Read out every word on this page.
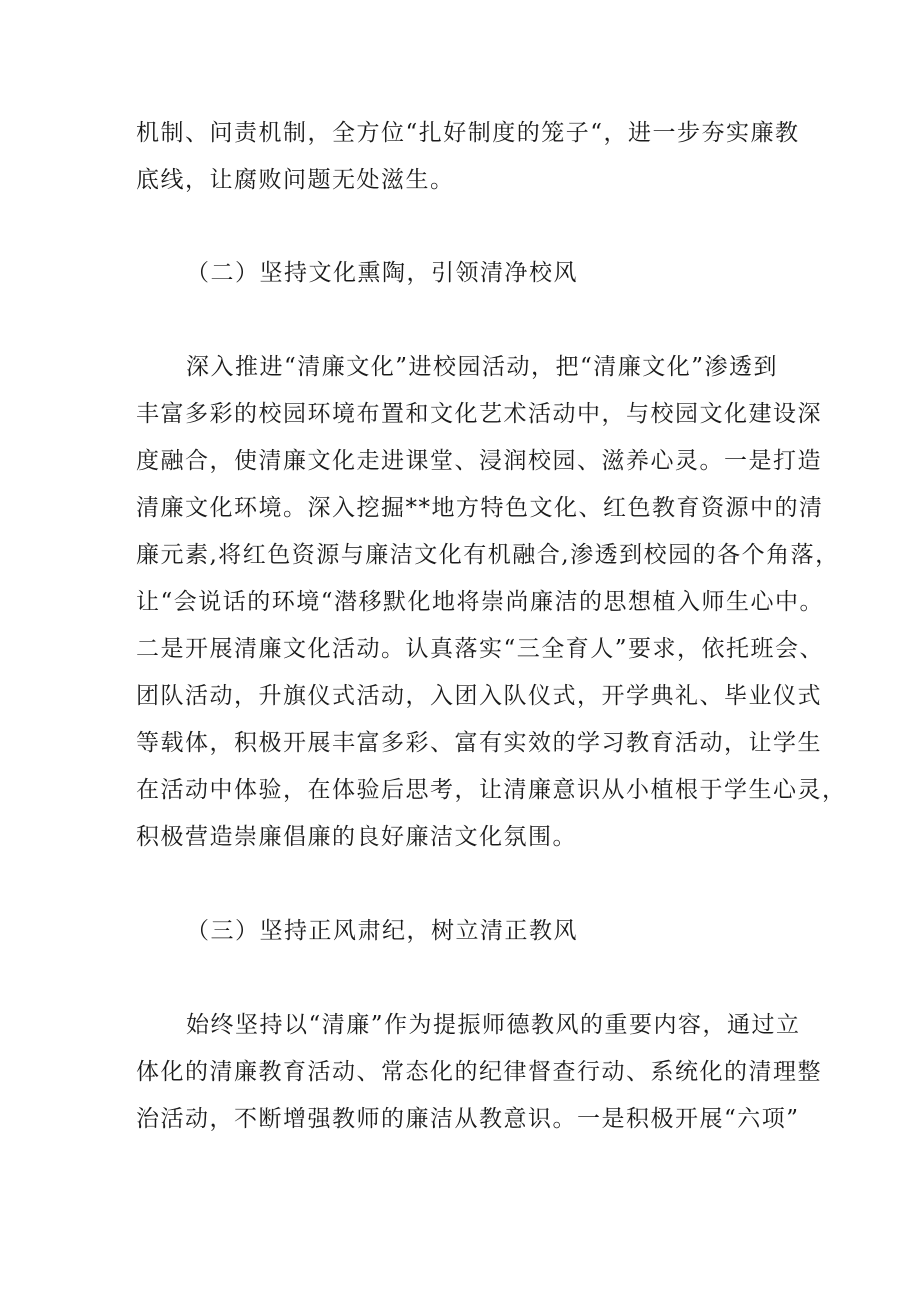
机制、问责机制，全方位“扎好制度的笼子“，进一步夯实廉教
底线，让腐败问题无处滋生。
（二）坚持文化熏陶，引领清净校风
深入推进“清廉文化”进校园活动，把“清廉文化”渗透到
丰富多彩的校园环境布置和文化艺术活动中，与校园文化建设深
度融合，使清廉文化走进课堂、浸润校园、滋养心灵。一是打造
清廉文化环境。深入挖掘**地方特色文化、红色教育资源中的清
廉元素,将红色资源与廉洁文化有机融合,渗透到校园的各个角落，
让“会说话的环境“潜移默化地将崇尚廉洁的思想植入师生心中。
二是开展清廉文化活动。认真落实“三全育人”要求，依托班会、
团队活动，升旗仪式活动，入团入队仪式，开学典礼、毕业仪式
等载体，积极开展丰富多彩、富有实效的学习教育活动，让学生
在活动中体验，在体验后思考，让清廉意识从小植根于学生心灵，
积极营造崇廉倡廉的良好廉洁文化氛围。
（三）坚持正风肃纪，树立清正教风
始终坚持以“清廉”作为提振师德教风的重要内容，通过立
体化的清廉教育活动、常态化的纪律督查行动、系统化的清理整
治活动，不断增强教师的廉洁从教意识。一是积极开展“六项”
